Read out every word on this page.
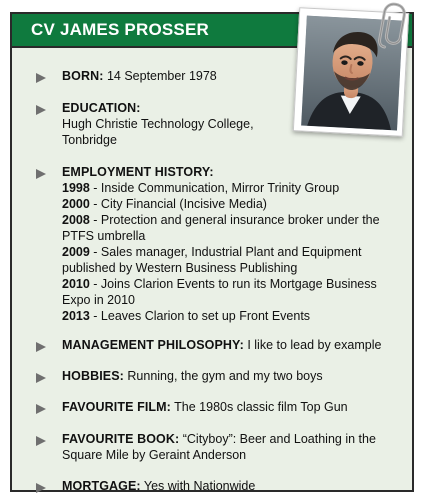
CV JAMES PROSSER
BORN: 14 September 1978
EDUCATION:
Hugh Christie Technology College,
Tonbridge
EMPLOYMENT HISTORY:
1998 - Inside Communication, Mirror Trinity Group
2000 - City Financial (Incisive Media)
2008 - Protection and general insurance broker under the PTFS umbrella
2009 - Sales manager, Industrial Plant and Equipment published by Western Business Publishing
2010 - Joins Clarion Events to run its Mortgage Business Expo in 2010
2013 - Leaves Clarion to set up Front Events
MANAGEMENT PHILOSOPHY: I like to lead by example
HOBBIES: Running, the gym and my two boys
FAVOURITE FILM: The 1980s classic film Top Gun
FAVOURITE BOOK: “Cityboy”: Beer and Loathing in the Square Mile by Geraint Anderson
MORTGAGE: Yes with Nationwide
